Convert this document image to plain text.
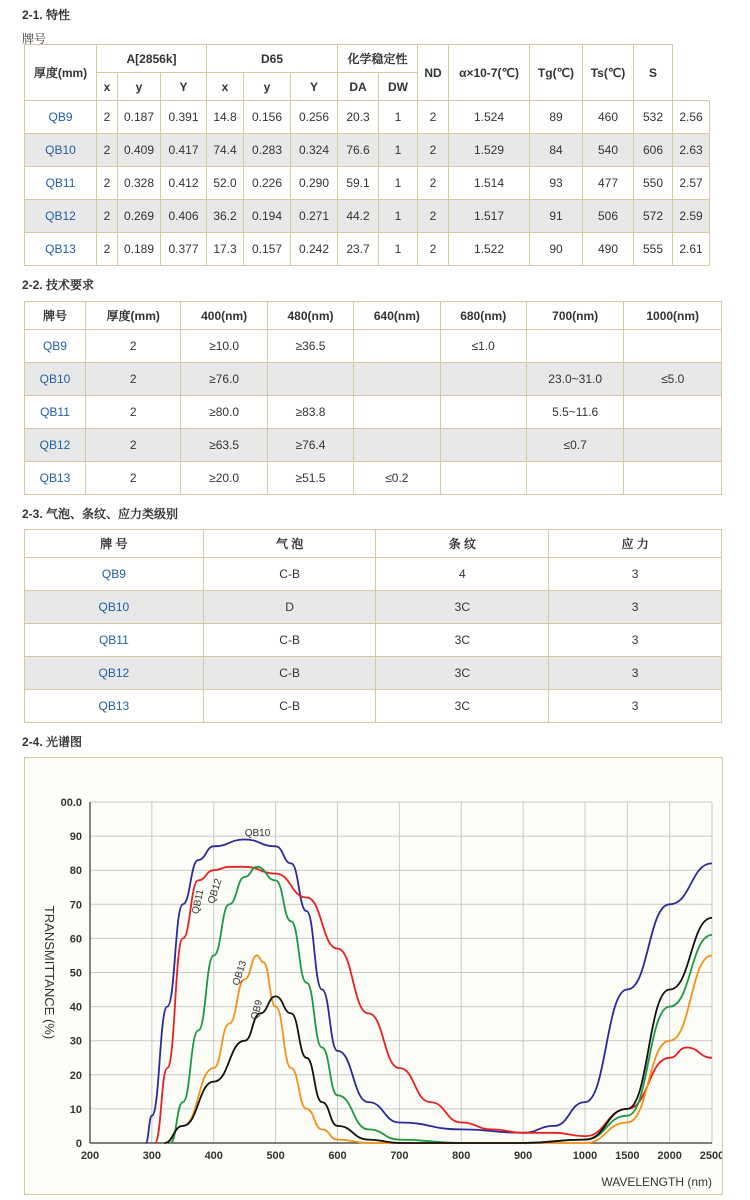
2-1. 特性
牌号
厚度(mm)	A[2856k]			D65			化学稳定性		ND	α×10-7(℃)	Tg(℃)	Ts(℃)	S	
	x	y	Y	x	y	Y	DA	DW						
QB9	2	0.187	0.391	14.8	0.156	0.256	20.3	1	2	1.524	89	460	532	2.56
QB10	2	0.409	0.417	74.4	0.283	0.324	76.6	1	2	1.529	84	540	606	2.63
QB11	2	0.328	0.412	52.0	0.226	0.290	59.1	1	2	1.514	93	477	550	2.57
QB12	2	0.269	0.406	36.2	0.194	0.271	44.2	1	2	1.517	91	506	572	2.59
QB13	2	0.189	0.377	17.3	0.157	0.242	23.7	1	2	1.522	90	490	555	2.61
2-2. 技术要求
牌号	厚度(mm)	400(nm)	480(nm)	640(nm)	680(nm)	700(nm)	1000(nm)
QB9	2	≥10.0	≥36.5		≤1.0		
QB10	2	≥76.0				23.0~31.0	≤5.0
QB11	2	≥80.0	≥83.8			5.5~11.6	
QB12	2	≥63.5	≥76.4			≤0.7	
QB13	2	≥20.0	≥51.5	≤0.2			
2-3. 气泡、条纹、应力类级别
牌 号	气 泡	条 纹	应 力
QB9	C-B	4	3
QB10	D	3C	3
QB11	C-B	3C	3
QB12	C-B	3C	3
QB13	C-B	3C	3
2-4. 光谱图
0
10
20
30
40
50
60
70
80
90
00.0
200	300	400	500	600	700	800	900	1000 1500 2000 2500
TRANSMITTANCE (%)
WAVELENGTH (nm)
QB10
QB11 QB12
QB13
QB9
